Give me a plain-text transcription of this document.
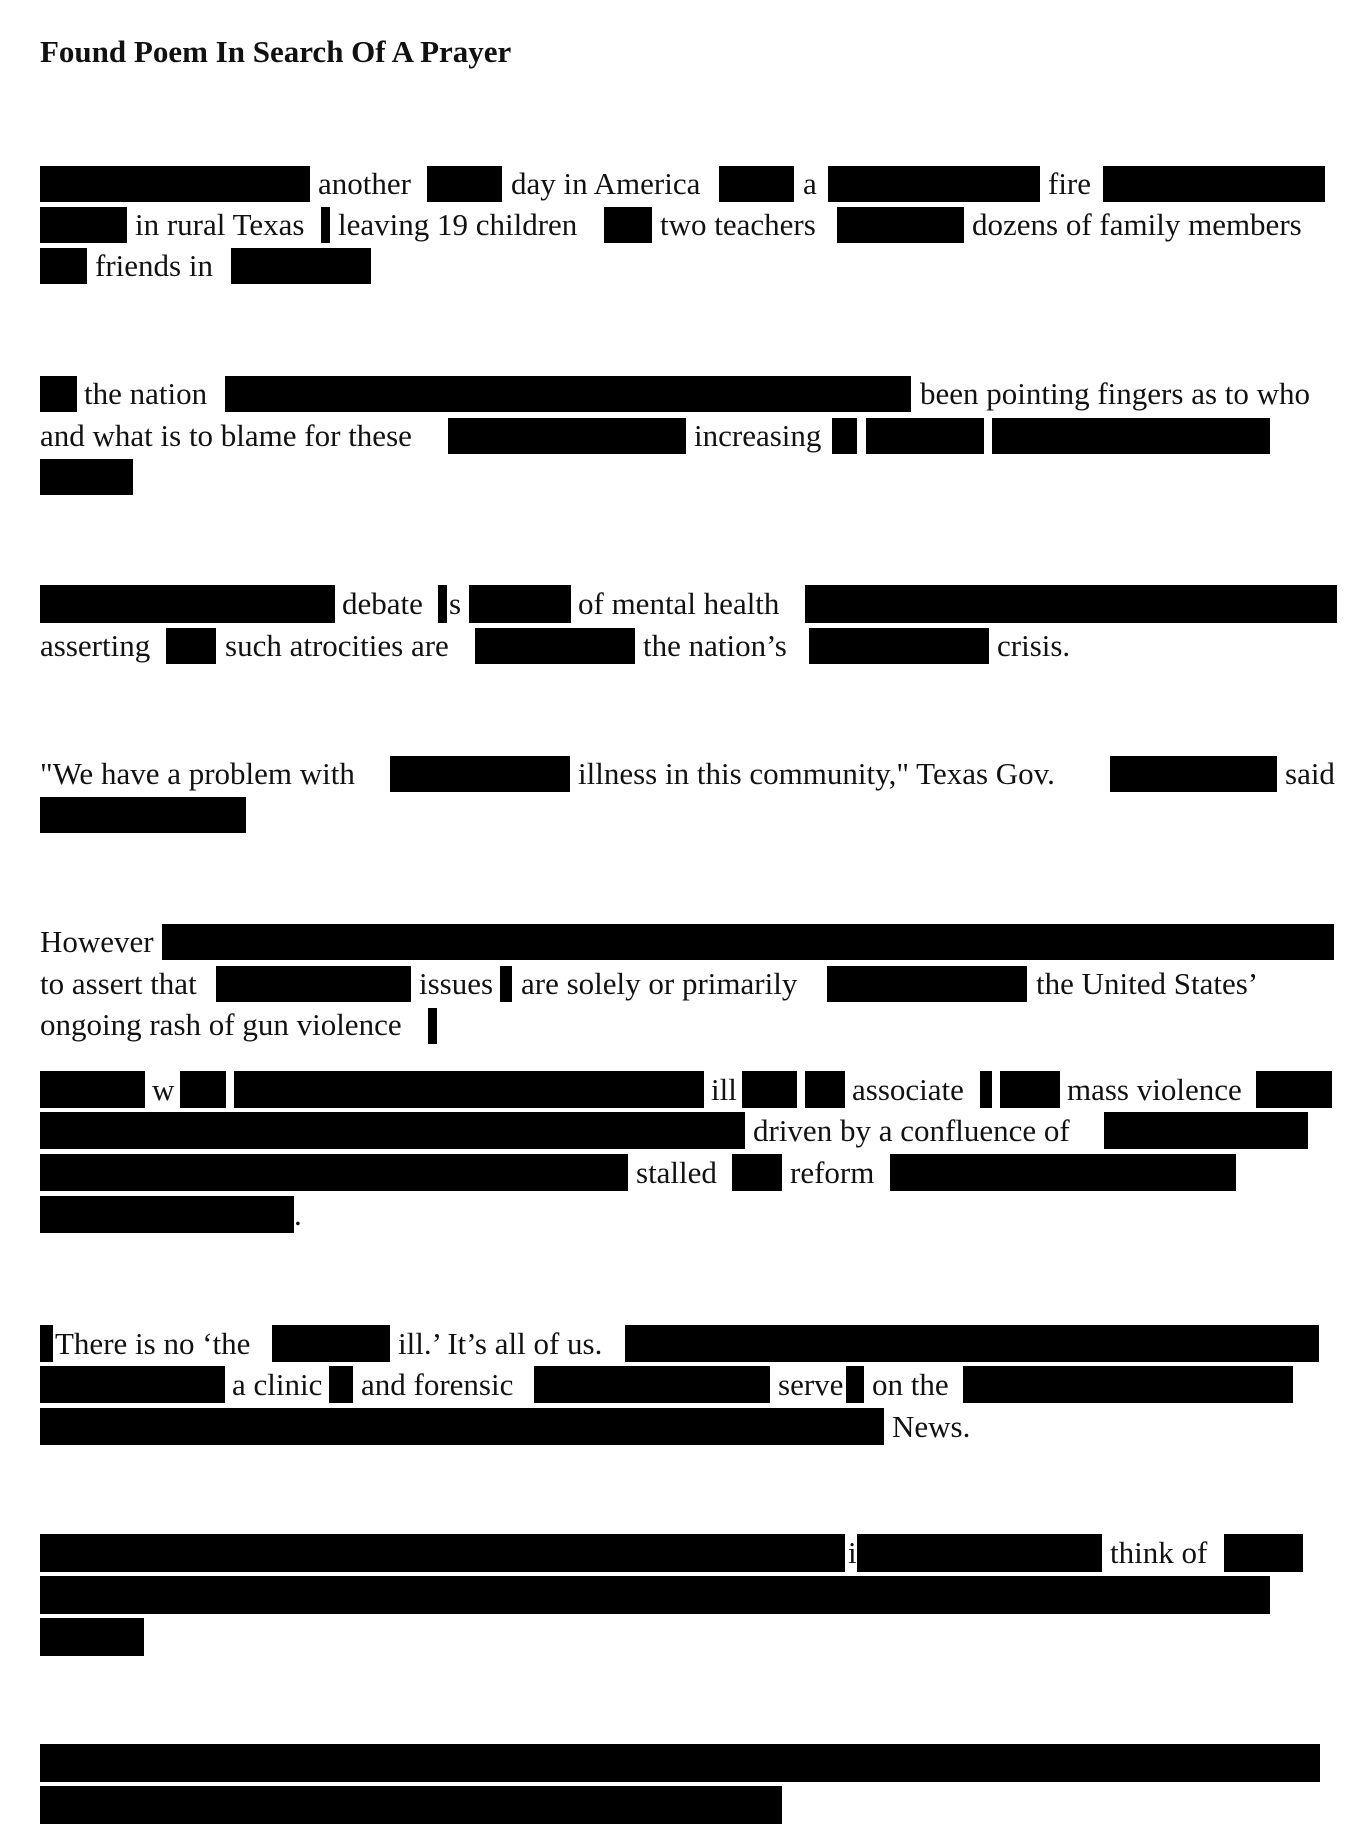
Found Poem In Search Of A Prayer
another	day in America	a	fire
in rural Texas leaving 19 children	two teachers	dozens of family members
friends in
the nation	been pointing fingers as to who
and what is to blame for these	increasing
debate s	of mental health
asserting such atrocities are	the nation’s	crisis.
"We have a problem with	illness in this community," Texas Gov.	said
However
to assert that	issues are solely or primarily	the United States’
ongoing rash of gun violence
w	ill	associate	mass violence
driven by a confluence of
stalled reform
.
There is no ‘the	ill.’ It’s all of us.
a clinic and forensic	serve on the
News.
i	think of
